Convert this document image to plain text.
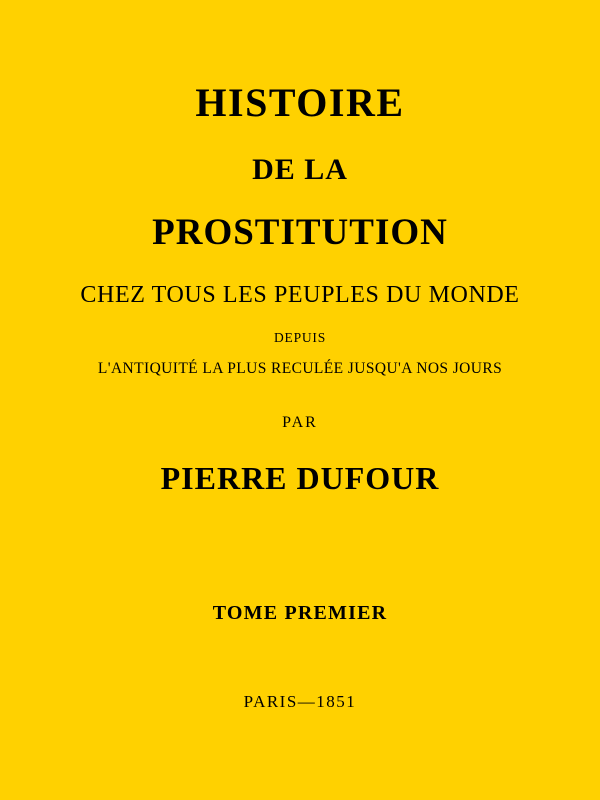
HISTOIRE
DE LA
PROSTITUTION
CHEZ TOUS LES PEUPLES DU MONDE
DEPUIS
L'ANTIQUITÉ LA PLUS RECULÉE JUSQU'A NOS JOURS
PAR
PIERRE DUFOUR
TOME PREMIER
PARIS—1851
